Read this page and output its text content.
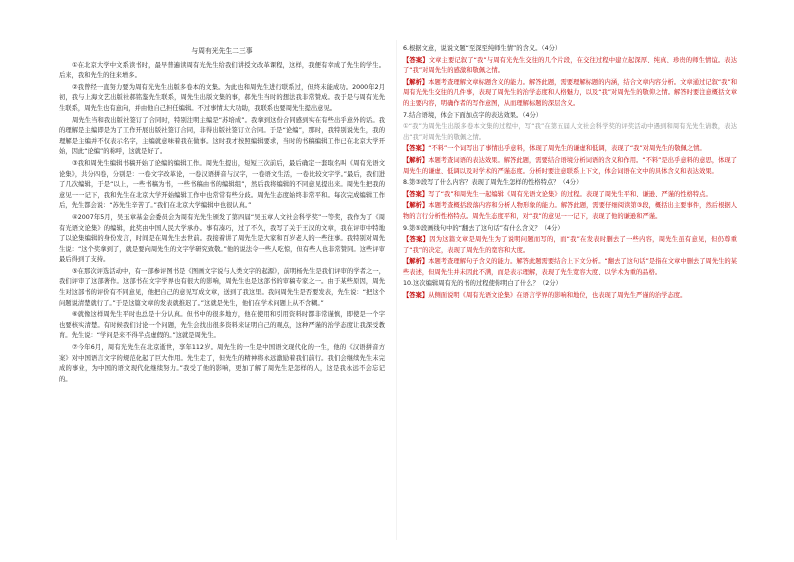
与周有光先生二三事

①在北京大学中文系读书时，最早普遍读周有光先生给我们讲授文改革课程，这样，我便有幸成了先生的学生。后来，我和先生的往来增多。

②我曾经一直努力要为周有光先生出版多卷本的文集。为此也和周先生进行联系过，但终未能成功。2000年2月初，我与上海文艺出版社郝铭鉴先生联系，周先生出版文集的事，郝先生当时的想法我非常赞成。我于是与周有光先生联系，周先生也有意向，并由他自己担任编辑。不过事情太大功助，我联系也要周先生提出意见。

周先生当和我出版社签订了合同时，特别注明主编是“苏培成”。我拿到这份合同感到实在有些出乎意外的话。我的理解是主编即是为了工作开展出版社签订合同，非得出版社签订立合同。于是“论编”，那时，我特别说先生，我的理解是主编并不仅表示名字，主编就意味着我在做事。这时我才按照编辑要求，当时的书稿编辑工作已在北京大学开始，因此“论编”的称呼，这就是好了。

③我和周先生编辑书稿开始了论编的编辑工作。周先生提出，短短三次前后，最后确定一套取名叫《周有光语文论集》，共分四卷，分别是：一卷文字改革论，一卷汉语拼音与汉字，一卷语文生活，一卷比较文字学。”最后，我们进了几次编辑，于是“以上，一些书稿为书，一些书稿由书的编辑组”，然后我将编辑的不同意见提出来。周先生把我的意见一一记下，我和先生在北京大学开始编辑工作中也常常有些分歧。周先生态度始终非常平和。每次完成编辑工作后，先生都会说：“苏先生辛苦了。”我们在北京大学编辑中也很认真。”

④2007年5月，吴玉章基金会委员会为周有光先生颁发了第四届“吴玉章人文社会科学奖”一等奖，我作为了《周有光语文论集》的编辑，此奖由中国人民大学承办。事有凑巧，过了不久，我写了关于王汉的文章，我在评审中特地了以论集编辑的身份发言，时间是在周先生去世前。我接着讲了周先生是大家和百岁老人的一些往事。我特别对周先生说：“这个奖拿到了，就是要向周先生的文字学研究致敬。”他的说法令一些人吃惊，但有些人也非常赞同。这些评审最后得到了支持。

⑤在那次评选活动中，有一部参评图书是《图画文字说与人类文字的起源》，前明杨先生是我们评审的学者之一，我们评审了这部著作。这部书在文字学界也有很大的影响，周先生也是这部书的审稿专家之一。由于某些原因，周先生对这部书的评价有不同意见，他把自己的意见写成文章，送到了我这里。我问周先生是否要发表，先生说：“把这个问题说清楚就行了。”于是这篇文章的发表就推迟了。”这就是先生，他们在学术问题上从不含糊。”

⑥就像这样周先生平时也总是十分认真。但书中的很多地方，他在使用和引用资料时都非常谨慎，即使是一个字也要核实清楚。有时候我们讨论一个问题，先生会找出很多资料来证明自己的观点，这种严谨的治学态度让我深受教育。先生说：“学问是来不得半点虚假的。”这就是周先生。

⑦今年6月，周有光先生在北京逝世，享年112岁。周先生的一生是中国语文现代化的一生，他的《汉语拼音方案》对中国语言文字的规范化起了巨大作用。先生走了，但先生的精神将永远激励着我们前行。我们会继续先生未完成的事业，为中国的语文现代化继续努力。”我受了他的影响，更加了解了周先生是怎样的人，这是我永远不会忘记的。

6.根据文意，说说文题“至深至纯师生情”的含义。（4分）

【答案】文章主要记叙了“我”与周有光先生交往的几个片段，在交往过程中建立起深厚、纯真、珍贵的师生情谊。表达了“我”对周先生的感激和敬佩之情。

【解析】本题考查理解文章标题含义的能力。解答此题，需要理解标题的内涵，结合文章内容分析。文章通过记叙“我”和周有光先生交往的几件事，表现了周先生的治学态度和人格魅力，以及“我”对周先生的敬仰之情。解答时要注意概括文章的主要内容，明确作者的写作意图，从而理解标题的深层含义。

7.结合语境，体会下面加点字的表达效果。（4分）

①“我”为周先生出版多卷本文集的过程中，写“我”在第五届人文社会科学奖的评奖活动中遇到和周有光先生请教，表达出“我”对周先生的敬佩之情。

【答案】“不料”一个词写出了事情出乎意料，体现了周先生的谦虚和低调，表现了“我”对周先生的敬佩之情。

【解析】本题考查词语的表达效果。解答此题，需要结合语境分析词语的含义和作用。“不料”是出乎意料的意思，体现了周先生的谦虚、低调以及对学术的严谨态度。分析时要注意联系上下文，体会词语在文中的具体含义和表达效果。

8.第③段写了什么内容？表现了周先生怎样的性格特点？（4分）

【答案】写了“我”和周先生一起编辑《周有光语文论集》的过程。表现了周先生平和、谦逊、严谨的性格特点。

【解析】本题考查概括段落内容和分析人物形象的能力。解答此题，需要仔细阅读第③段，概括出主要事件，然后根据人物的言行分析性格特点。周先生态度平和，对“我”的意见一一记下，表现了他的谦逊和严谨。

9.第⑤段画线句中的“翻去了这句话”有什么含义？（4分）

【答案】因为这篇文章是周先生为了说明问题而写的，而“我”在发表时删去了一些内容，周先生虽有意见，但仍尊重了“我”的决定，表现了周先生的宽容和大度。

【解析】本题考查理解句子含义的能力。解答此题需要结合上下文分析。“翻去了这句话”是指在文章中删去了周先生的某些表述，但周先生并未因此不满，而是表示理解，表现了先生宽容大度、以学术为重的品格。

10.这次编辑周有光的书的过程使你明白了什么？（2分）

【答案】从侧面说明《周有光语文论集》在语言学界的影响和地位，也表现了周先生严谨的治学态度。
